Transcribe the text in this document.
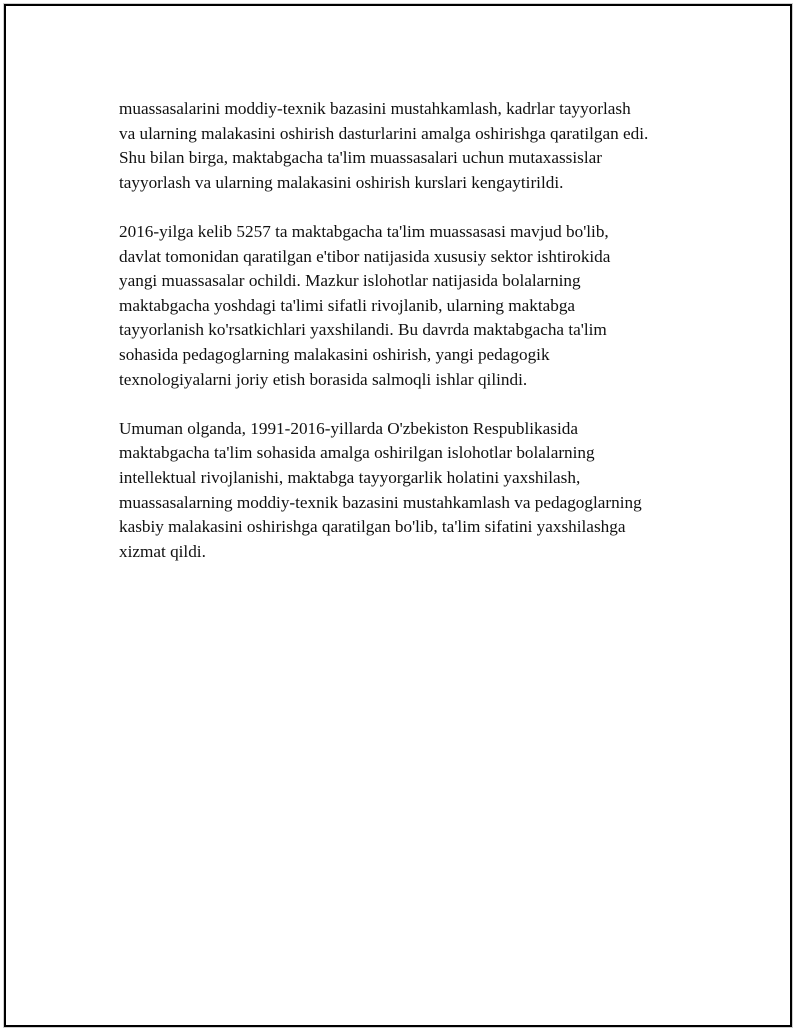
muassasalarini moddiy-texnik bazasini mustahkamlash, kadrlar tayyorlash
va ularning malakasini oshirish dasturlarini amalga oshirishga qaratilgan edi.
Shu bilan birga, maktabgacha ta'lim muassasalari uchun mutaxassislar
tayyorlash va ularning malakasini oshirish kurslari kengaytirildi.

2016-yilga kelib 5257 ta maktabgacha ta'lim muassasasi mavjud bo'lib,
davlat tomonidan qaratilgan e'tibor natijasida xususiy sektor ishtirokida
yangi muassasalar ochildi. Mazkur islohotlar natijasida bolalarning
maktabgacha yoshdagi ta'limi sifatli rivojlanib, ularning maktabga
tayyorlanish ko'rsatkichlari yaxshilandi. Bu davrda maktabgacha ta'lim
sohasida pedagoglarning malakasini oshirish, yangi pedagogik
texnologiyalarni joriy etish borasida salmoqli ishlar qilindi.

Umuman olganda, 1991-2016-yillarda O'zbekiston Respublikasida
maktabgacha ta'lim sohasida amalga oshirilgan islohotlar bolalarning
intellektual rivojlanishi, maktabga tayyorgarlik holatini yaxshilash,
muassasalarning moddiy-texnik bazasini mustahkamlash va pedagoglarning
kasbiy malakasini oshirishga qaratilgan bo'lib, ta'lim sifatini yaxshilashga
xizmat qildi.
